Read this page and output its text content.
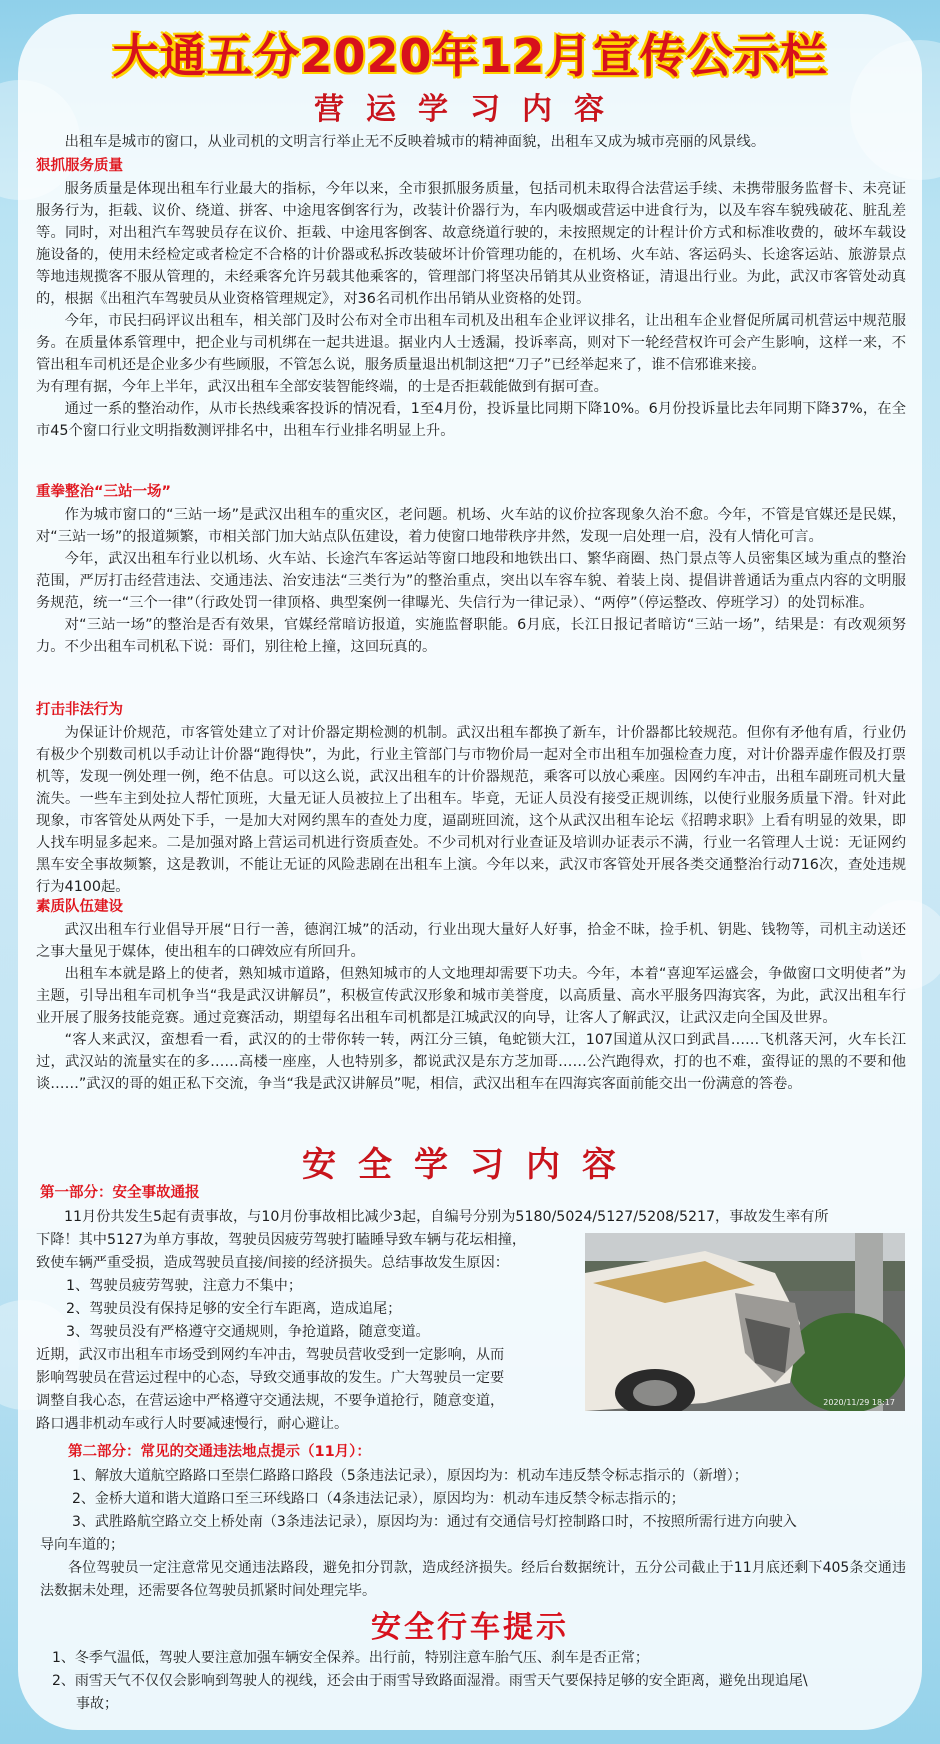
大通五分2020年12月宣传公示栏
营运学习内容

出租车是城市的窗口，从业司机的文明言行举止无不反映着城市的精神面貌，出租车又成为城市亮丽的风景线。

狠抓服务质量

服务质量是体现出租车行业最大的指标，今年以来，全市狠抓服务质量，包括司机未取得合法营运手续、未携带服务监督卡、未亮证服务行为，拒载、议价、绕道、拼客、中途甩客倒客行为，改装计价器行为，车内吸烟或营运中进食行为，以及车容车貌残破花、脏乱差等。同时，对出租汽车驾驶员存在议价、拒载、中途甩客倒客、故意绕道行驶的，未按照规定的计程计价方式和标准收费的，破坏车载设施设备的，使用未经检定或者检定不合格的计价器或私拆改装破坏计价管理功能的，在机场、火车站、客运码头、长途客运站、旅游景点等地违规揽客不服从管理的，未经乘客允许另载其他乘客的，管理部门将坚决吊销其从业资格证，清退出行业。为此，武汉市客管处动真的，根据《出租汽车驾驶员从业资格管理规定》，对36名司机作出吊销从业资格的处罚。

今年，市民扫码评议出租车，相关部门及时公布对全市出租车司机及出租车企业评议排名，让出租车企业督促所属司机营运中规范服务。在质量体系管理中，把企业与司机绑在一起共进退。据业内人士透漏，投诉率高，则对下一轮经营权许可会产生影响，这样一来，不管出租车司机还是企业多少有些顾服，不管怎么说，服务质量退出机制这把“刀子”已经举起来了，谁不信邪谁来接。

为有理有据，今年上半年，武汉出租车全部安装智能终端，的士是否拒载能做到有据可查。

通过一系的整治动作，从市长热线乘客投诉的情况看，1至4月份，投诉量比同期下降10%。6月份投诉量比去年同期下降37%，在全市45个窗口行业文明指数测评排名中，出租车行业排名明显上升。

重拳整治“三站一场”

作为城市窗口的“三站一场”是武汉出租车的重灾区，老问题。机场、火车站的议价拉客现象久治不愈。今年，不管是官媒还是民媒，对“三站一场”的报道频繁，市相关部门加大站点队伍建设，着力使窗口地带秩序井然，发现一启处理一启，没有人情化可言。

今年，武汉出租车行业以机场、火车站、长途汽车客运站等窗口地段和地铁出口、繁华商圈、热门景点等人员密集区域为重点的整治范围，严厉打击经营违法、交通违法、治安违法“三类行为”的整治重点，突出以车容车貌、着装上岗、提倡讲普通话为重点内容的文明服务规范，统一“三个一律”（行政处罚一律顶格、典型案例一律曝光、失信行为一律记录）、“两停”（停运整改、停班学习）的处罚标准。

对“三站一场”的整治是否有效果，官媒经常暗访报道，实施监督职能。6月底，长江日报记者暗访“三站一场”，结果是：有改观须努力。不少出租车司机私下说：哥们，别往枪上撞，这回玩真的。

打击非法行为

为保证计价规范，市客管处建立了对计价器定期检测的机制。武汉出租车都换了新车，计价器都比较规范。但你有矛他有盾，行业仍有极少个别数司机以手动让计价器“跑得快”，为此，行业主管部门与市物价局一起对全市出租车加强检查力度，对计价器弄虚作假及打票机等，发现一例处理一例，绝不估息。可以这么说，武汉出租车的计价器规范，乘客可以放心乘座。因网约车冲击，出租车副班司机大量流失。一些车主到处拉人帮忙顶班，大量无证人员被拉上了出租车。毕竟，无证人员没有接受正规训练，以使行业服务质量下滑。针对此现象，市客管处从两处下手，一是加大对网约黑车的查处力度，逼副班回流，这个从武汉出租车论坛《招聘求职》上看有明显的效果，即人找车明显多起来。二是加强对路上营运司机进行资质查处。不少司机对行业查证及培训办证表示不满，行业一名管理人士说：无证网约黑车安全事故频繁，这是教训，不能让无证的风险悲剧在出租车上演。今年以来，武汉市客管处开展各类交通整治行动716次，查处违规行为4100起。

素质队伍建设

武汉出租车行业倡导开展“日行一善，德润江城”的活动，行业出现大量好人好事，拾金不昧，捡手机、钥匙、钱物等，司机主动送还之事大量见于媒体，使出租车的口碑效应有所回升。

出租车本就是路上的使者，熟知城市道路，但熟知城市的人文地理却需要下功夫。今年，本着“喜迎军运盛会，争做窗口文明使者”为主题，引导出租车司机争当“我是武汉讲解员”，积极宣传武汉形象和城市美誉度，以高质量、高水平服务四海宾客，为此，武汉出租车行业开展了服务技能竞赛。通过竞赛活动，期望每名出租车司机都是江城武汉的向导，让客人了解武汉，让武汉走向全国及世界。

“客人来武汉，蛮想看一看，武汉的的士带你转一转，两江分三镇，龟蛇锁大江，107国道从汉口到武昌……飞机落天河，火车长江过，武汉站的流量实在的多……高楼一座座，人也特别多，都说武汉是东方芝加哥……公汽跑得欢，打的也不难，蛮得证的黑的不要和他谈……”武汉的哥的姐正私下交流，争当“我是武汉讲解员”呢，相信，武汉出租车在四海宾客面前能交出一份满意的答卷。

安全学习内容
第一部分：安全事故通报

11月份共发生5起有责事故，与10月份事故相比减少3起，自编号分别为5180/5024/5127/5208/5217，事故发生率有所

下降！其中5127为单方事故，驾驶员因疲劳驾驶打瞌睡导致车辆与花坛相撞，

致使车辆严重受损，造成驾驶员直接/间接的经济损失。总结事故发生原因：

1、驾驶员疲劳驾驶，注意力不集中；

2、驾驶员没有保持足够的安全行车距离，造成追尾；

3、驾驶员没有严格遵守交通规则，争抢道路，随意变道。

近期，武汉市出租车市场受到网约车冲击，驾驶员营收受到一定影响，从而

影响驾驶员在营运过程中的心态，导致交通事故的发生。广大驾驶员一定要

调整自我心态，在营运途中严格遵守交通法规，不要争道抢行，随意变道，

路口遇非机动车或行人时要减速慢行，耐心避让。

2020/11/29 18:17
第二部分：常见的交通违法地点提示（11月）：

1、解放大道航空路路口至崇仁路路口路段（5条违法记录），原因均为：机动车违反禁令标志指示的（新增）；

2、金桥大道和谐大道路口至三环线路口（4条违法记录），原因均为：机动车违反禁令标志指示的；

3、武胜路航空路立交上桥处南（3条违法记录），原因均为：通过有交通信号灯控制路口时，不按照所需行进方向驶入

导向车道的；

各位驾驶员一定注意常见交通违法路段，避免扣分罚款，造成经济损失。经后台数据统计，五分公司截止于11月底还剩下405条交通违法数据未处理，还需要各位驾驶员抓紧时间处理完毕。

安全行车提示

1、冬季气温低，驾驶人要注意加强车辆安全保养。出行前，特别注意车胎气压、刹车是否正常；

2、雨雪天气不仅仅会影响到驾驶人的视线，还会由于雨雪导致路面湿滑。雨雪天气要保持足够的安全距离，避免出现追尾\

事故；
